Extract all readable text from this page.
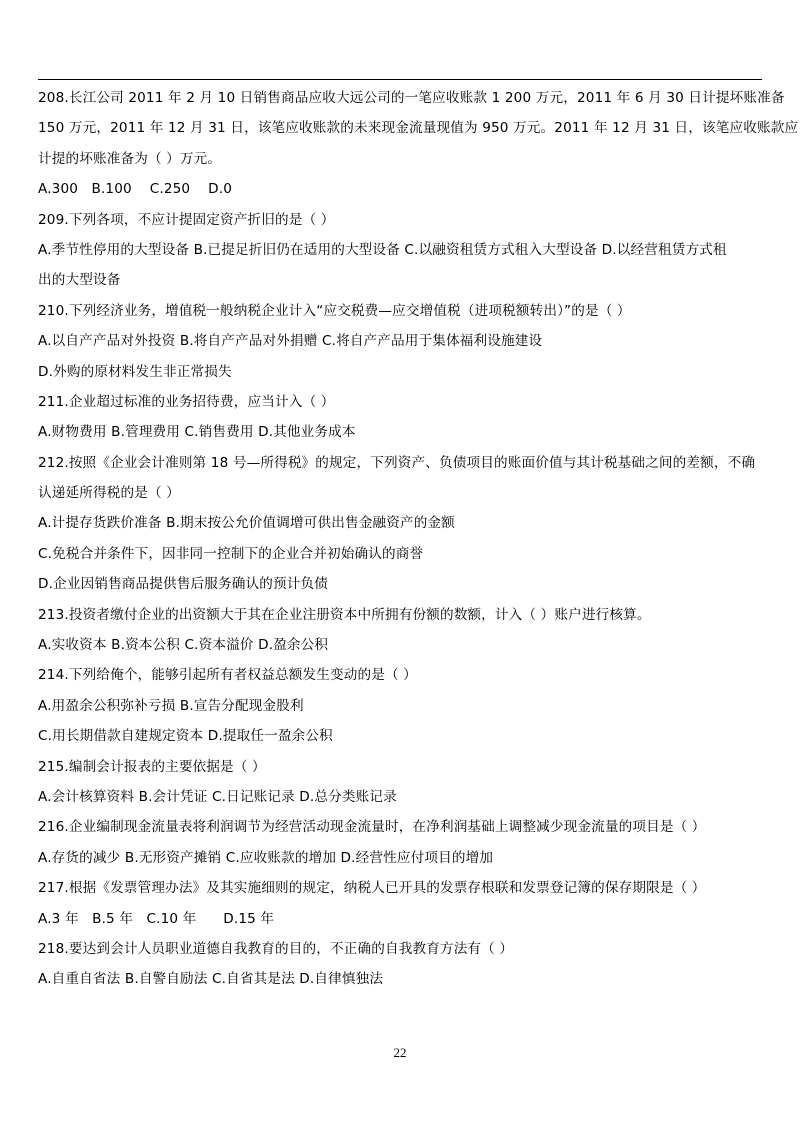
208.长江公司 2011 年 2 月 10 日销售商品应收大远公司的一笔应收账款 1 200 万元，2011 年 6 月 30 日计提坏账准备
150 万元，2011 年 12 月 31 日，该笔应收账款的未来现金流量现值为 950 万元。2011 年 12 月 31 日，该笔应收账款应
计提的坏账准备为（ ）万元。
A.300   B.100    C.250    D.0
209.下列各项，不应计提固定资产折旧的是（ ）
A.季节性停用的大型设备 B.已提足折旧仍在适用的大型设备 C.以融资租赁方式租入大型设备 D.以经营租赁方式租
出的大型设备
210.下列经济业务，增值税一般纳税企业计入“应交税费—应交增值税（进项税额转出）”的是（ ）
A.以自产产品对外投资 B.将自产产品对外捐赠 C.将自产产品用于集体福利设施建设
D.外购的原材料发生非正常损失
211.企业超过标准的业务招待费，应当计入（ ）
A.财物费用 B.管理费用 C.销售费用 D.其他业务成本
212.按照《企业会计准则第 18 号—所得税》的规定，下列资产、负债项目的账面价值与其计税基础之间的差额，不确
认递延所得税的是（ ）
A.计提存货跌价准备 B.期末按公允价值调增可供出售金融资产的金额
C.免税合并条件下，因非同一控制下的企业合并初始确认的商誉
D.企业因销售商品提供售后服务确认的预计负债
213.投资者缴付企业的出资额大于其在企业注册资本中所拥有份额的数额，计入（ ）账户进行核算。
A.实收资本 B.资本公积 C.资本溢价 D.盈余公积
214.下列给俺个，能够引起所有者权益总额发生变动的是（ ）
A.用盈余公积弥补亏损 B.宣告分配现金股利
C.用长期借款自建规定资本 D.提取任一盈余公积
215.编制会计报表的主要依据是（ ）
A.会计核算资料 B.会计凭证 C.日记账记录 D.总分类账记录
216.企业编制现金流量表将利润调节为经营活动现金流量时，在净利润基础上调整减少现金流量的项目是（ ）
A.存货的减少 B.无形资产摊销 C.应收账款的增加 D.经营性应付项目的增加
217.根据《发票管理办法》及其实施细则的规定，纳税人已开具的发票存根联和发票登记簿的保存期限是（ ）
A.3 年   B.5 年   C.10 年      D.15 年
218.要达到会计人员职业道德自我教育的目的，不正确的自我教育方法有（ ）
A.自重自省法 B.自警自励法 C.自省其是法 D.自律慎独法
22
